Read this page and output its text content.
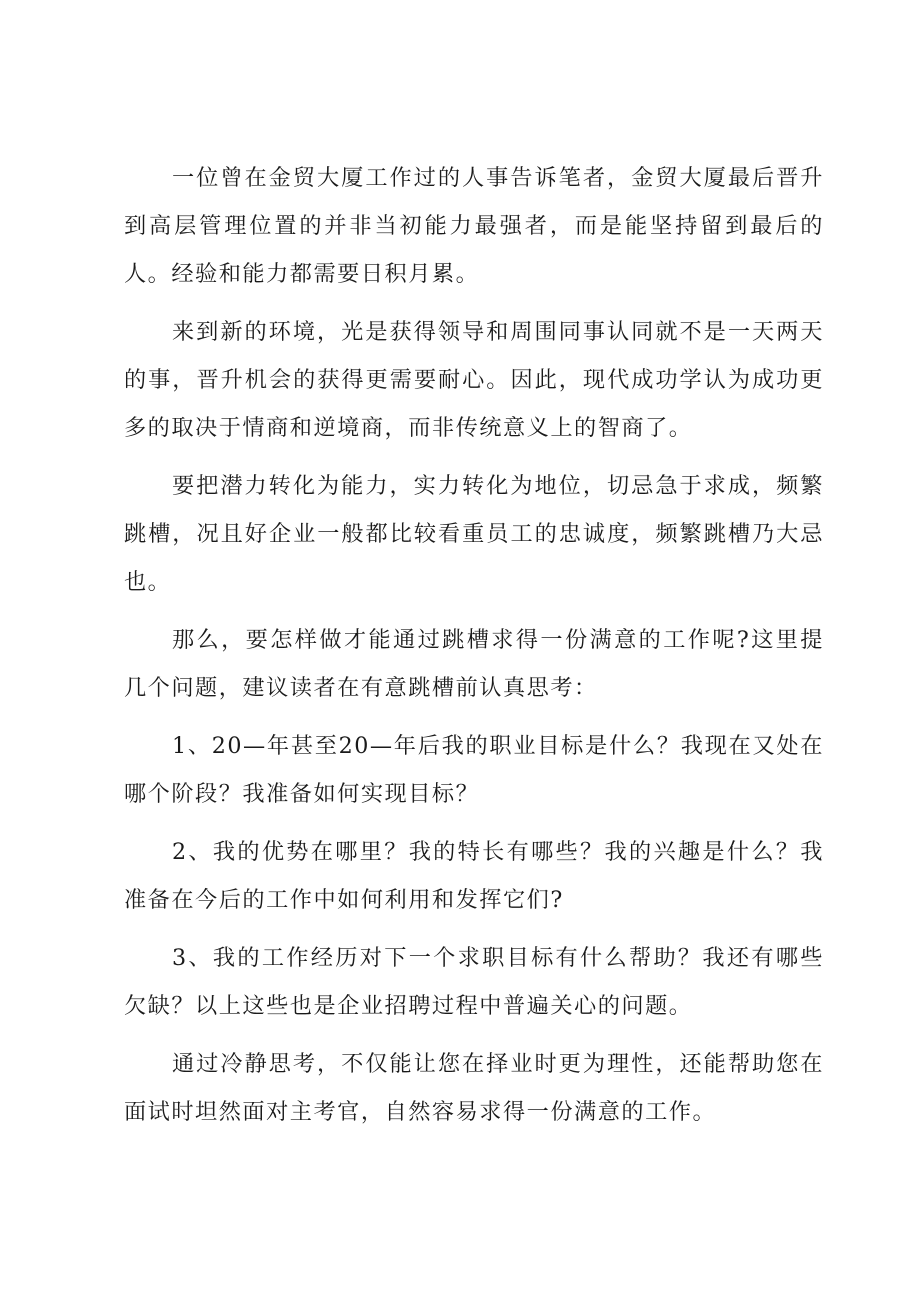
一位曾在金贸大厦工作过的人事告诉笔者，金贸大厦最后晋升到高层管理位置的并非当初能力最强者，而是能坚持留到最后的人。经验和能力都需要日积月累。

来到新的环境，光是获得领导和周围同事认同就不是一天两天的事，晋升机会的获得更需要耐心。因此，现代成功学认为成功更多的取决于情商和逆境商，而非传统意义上的智商了。

要把潜力转化为能力，实力转化为地位，切忌急于求成，频繁跳槽，况且好企业一般都比较看重员工的忠诚度，频繁跳槽乃大忌也。

那么，要怎样做才能通过跳槽求得一份满意的工作呢?这里提几个问题，建议读者在有意跳槽前认真思考：

1、20—年甚至20—年后我的职业目标是什么？我现在又处在哪个阶段？我准备如何实现目标？

2、我的优势在哪里？我的特长有哪些？我的兴趣是什么？我准备在今后的工作中如何利用和发挥它们?

3、我的工作经历对下一个求职目标有什么帮助？我还有哪些欠缺？以上这些也是企业招聘过程中普遍关心的问题。

通过冷静思考，不仅能让您在择业时更为理性，还能帮助您在面试时坦然面对主考官，自然容易求得一份满意的工作。
